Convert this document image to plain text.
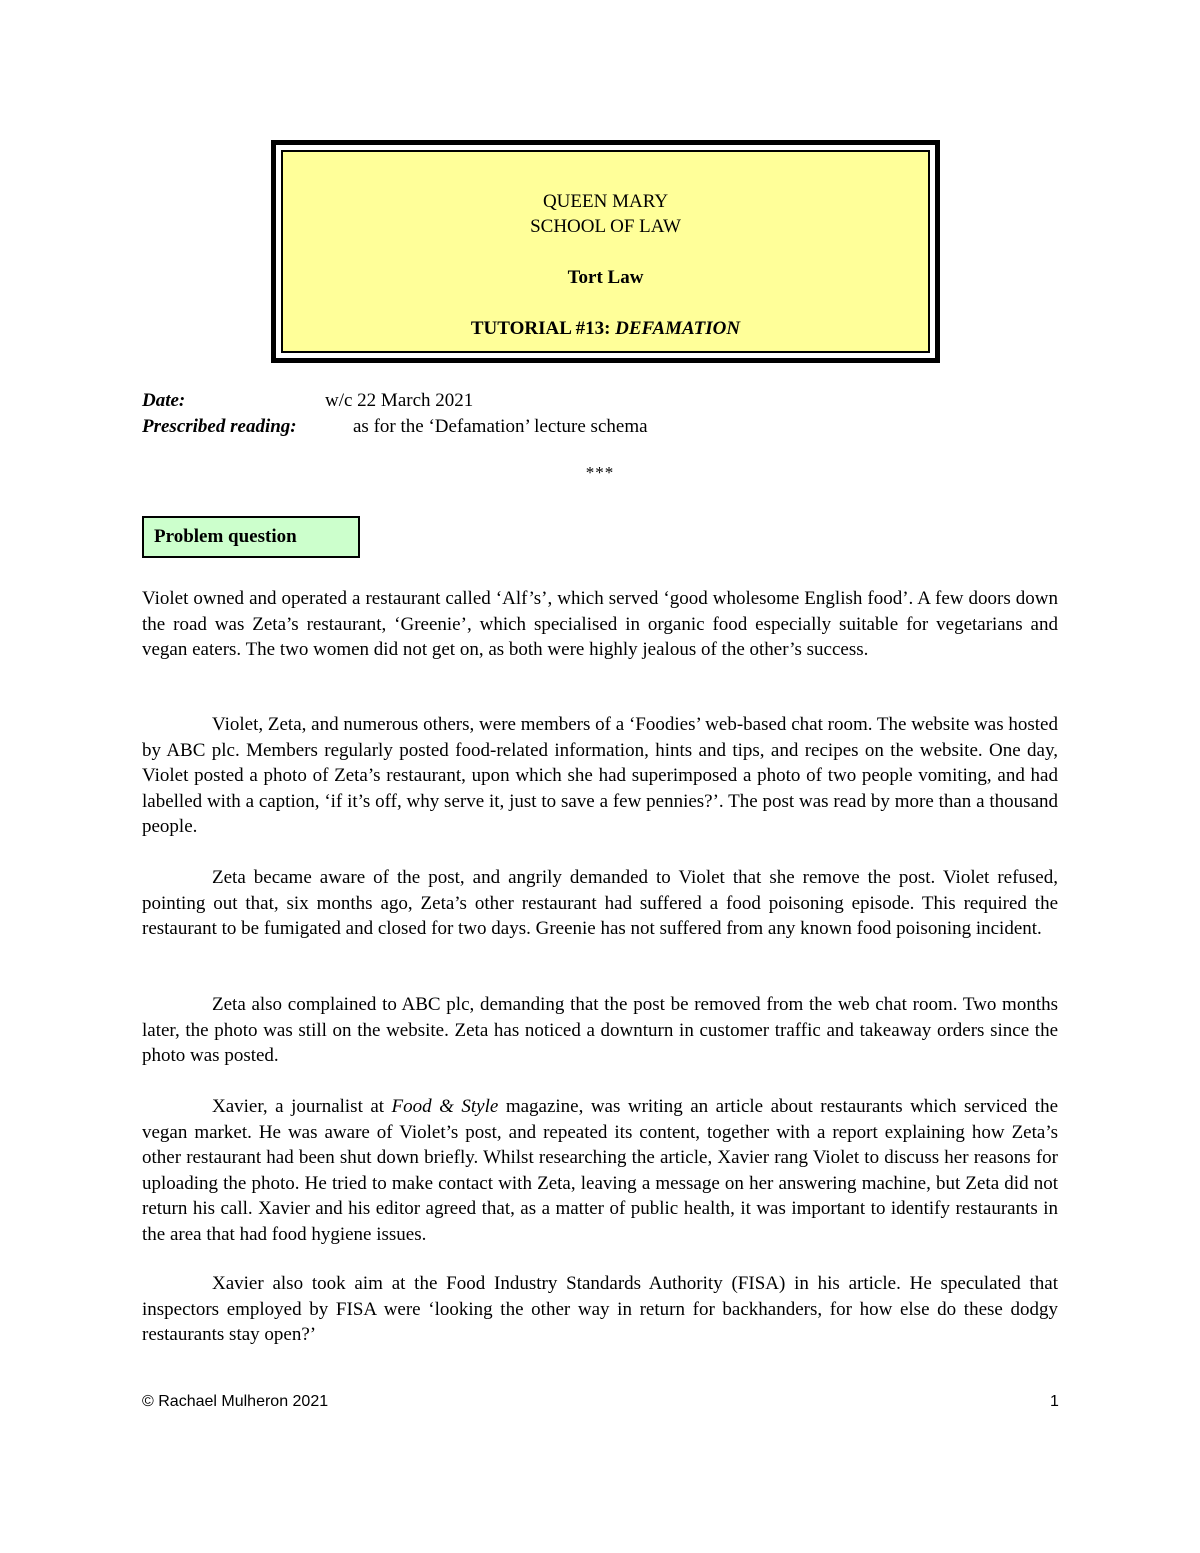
QUEEN MARY
SCHOOL OF LAW
Tort Law
TUTORIAL #13: DEFAMATION
Date:	w/c 22 March 2021
Prescribed reading:	as for the ‘Defamation’ lecture schema
***
Problem question
Violet owned and operated a restaurant called ‘Alf’s’, which served ‘good wholesome English food’. A few doors down the road was Zeta’s restaurant, ‘Greenie’, which specialised in organic food especially suitable for vegetarians and vegan eaters. The two women did not get on, as both were highly jealous of the other’s success.
Violet, Zeta, and numerous others, were members of a ‘Foodies’ web-based chat room. The website was hosted by ABC plc. Members regularly posted food-related information, hints and tips, and recipes on the website. One day, Violet posted a photo of Zeta’s restaurant, upon which she had superimposed a photo of two people vomiting, and had labelled with a caption, ‘if it’s off, why serve it, just to save a few pennies?’. The post was read by more than a thousand people.
Zeta became aware of the post, and angrily demanded to Violet that she remove the post. Violet refused, pointing out that, six months ago, Zeta’s other restaurant had suffered a food poisoning episode. This required the restaurant to be fumigated and closed for two days. Greenie has not suffered from any known food poisoning incident.
Zeta also complained to ABC plc, demanding that the post be removed from the web chat room. Two months later, the photo was still on the website. Zeta has noticed a downturn in customer traffic and takeaway orders since the photo was posted.
Xavier, a journalist at Food & Style magazine, was writing an article about restaurants which serviced the vegan market. He was aware of Violet’s post, and repeated its content, together with a report explaining how Zeta’s other restaurant had been shut down briefly. Whilst researching the article, Xavier rang Violet to discuss her reasons for uploading the photo. He tried to make contact with Zeta, leaving a message on her answering machine, but Zeta did not return his call. Xavier and his editor agreed that, as a matter of public health, it was important to identify restaurants in the area that had food hygiene issues.
Xavier also took aim at the Food Industry Standards Authority (FISA) in his article. He speculated that inspectors employed by FISA were ‘looking the other way in return for backhanders, for how else do these dodgy restaurants stay open?’
© Rachael Mulheron 2021	1
